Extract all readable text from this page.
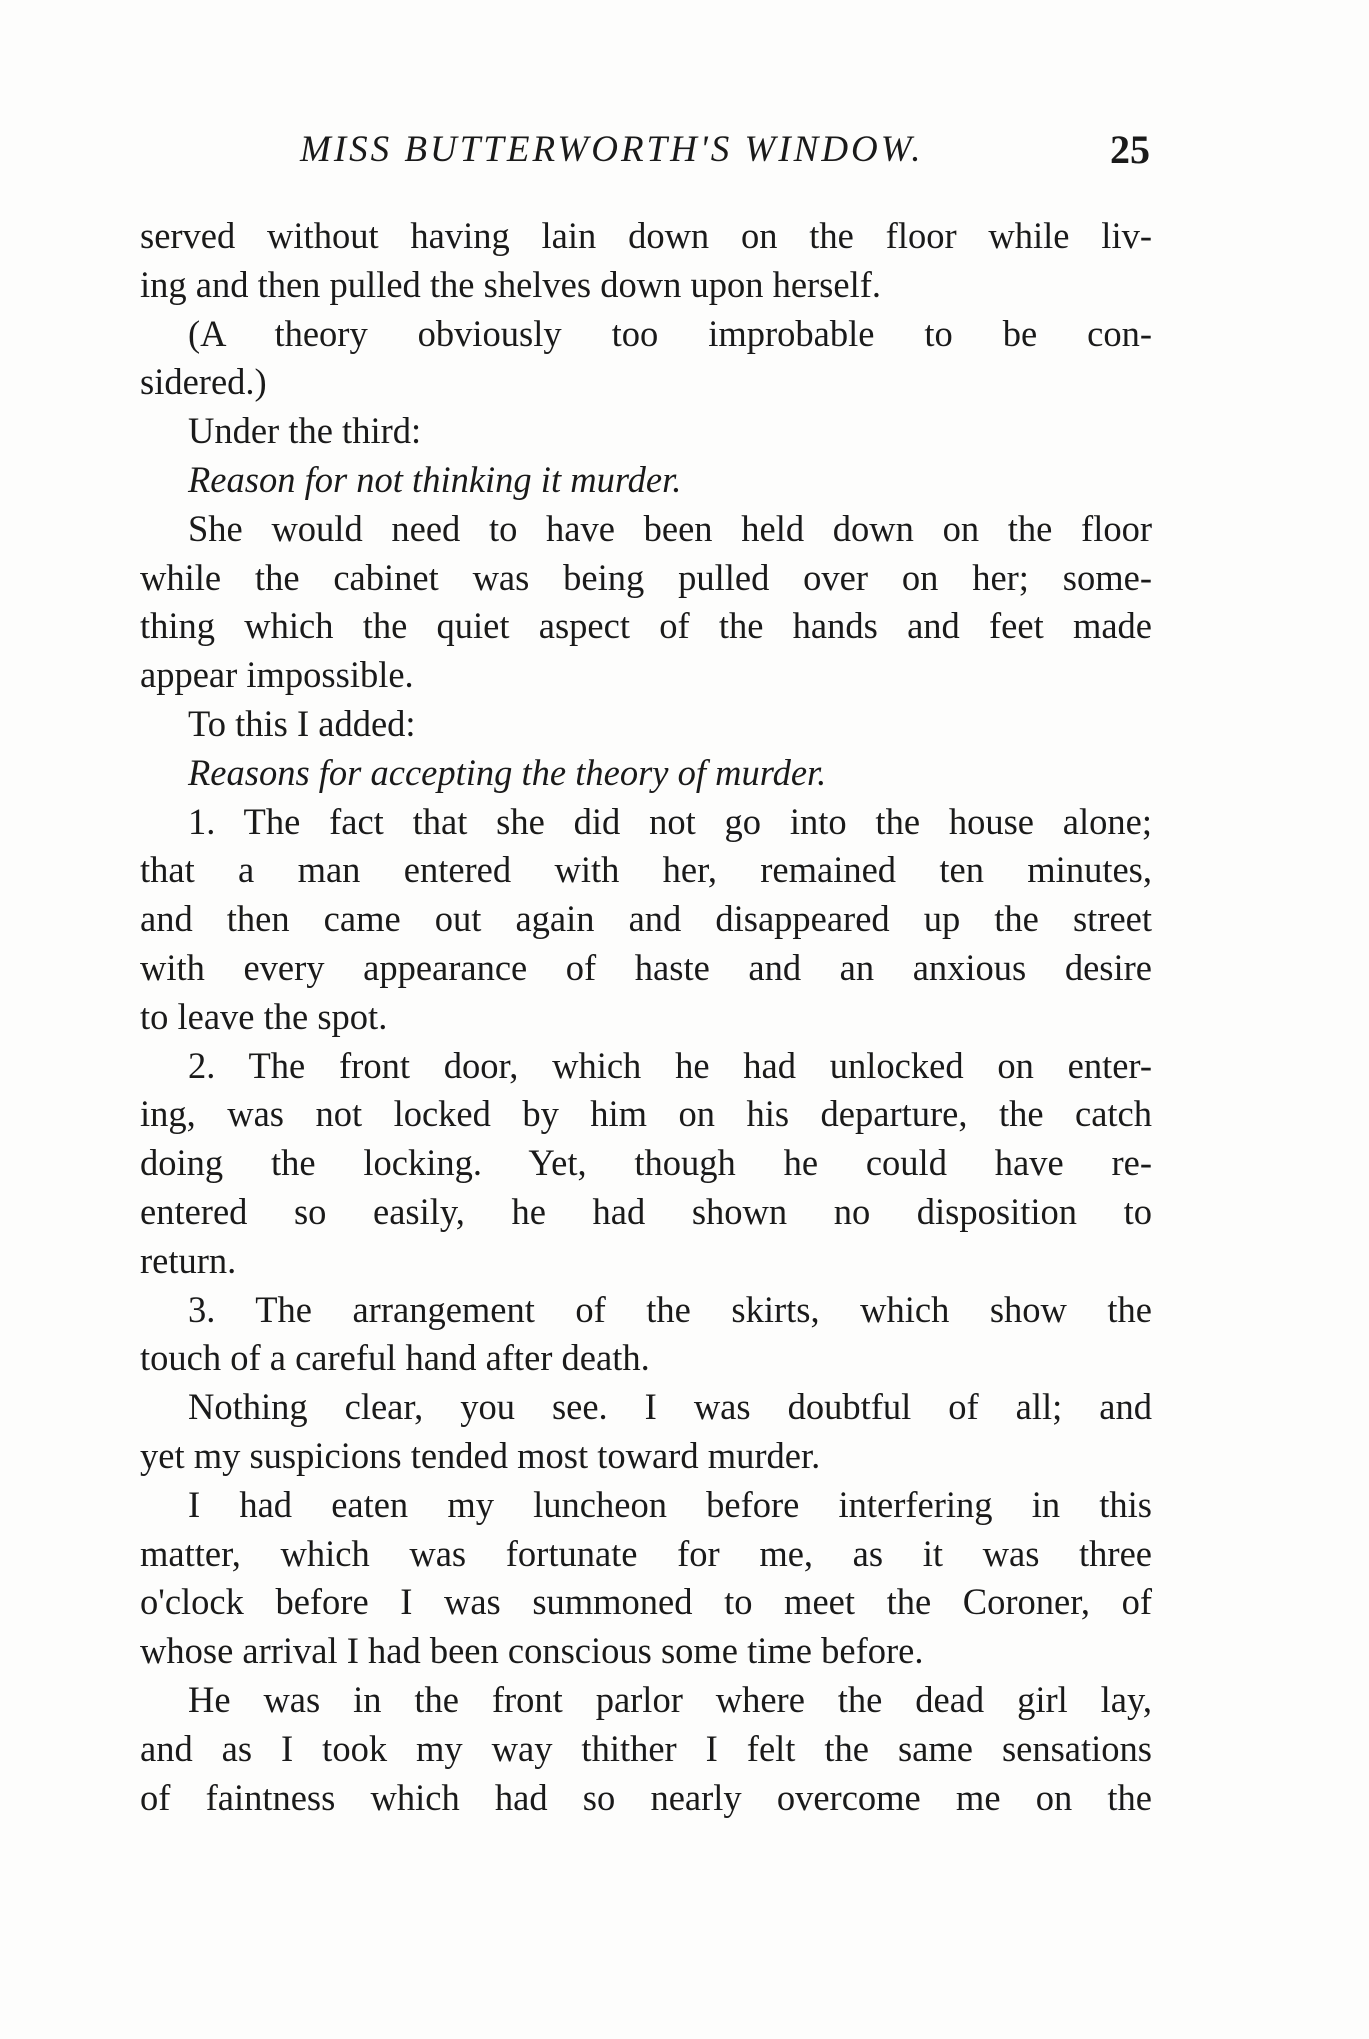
MISS BUTTERWORTH'S WINDOW.	25
served without having lain down on the floor while liv-
ing and then pulled the shelves down upon herself.
(A theory obviously too improbable to be con-
sidered.)
Under the third:
Reason for not thinking it murder.
She would need to have been held down on the floor
while the cabinet was being pulled over on her; some-
thing which the quiet aspect of the hands and feet made
appear impossible.
To this I added:
Reasons for accepting the theory of murder.
1. The fact that she did not go into the house alone;
that a man entered with her, remained ten minutes,
and then came out again and disappeared up the street
with every appearance of haste and an anxious desire
to leave the spot.
2. The front door, which he had unlocked on enter-
ing, was not locked by him on his departure, the catch
doing the locking. Yet, though he could have re-
entered so easily, he had shown no disposition to
return.
3. The arrangement of the skirts, which show the
touch of a careful hand after death.
Nothing clear, you see. I was doubtful of all; and
yet my suspicions tended most toward murder.
I had eaten my luncheon before interfering in this
matter, which was fortunate for me, as it was three
o'clock before I was summoned to meet the Coroner, of
whose arrival I had been conscious some time before.
He was in the front parlor where the dead girl lay,
and as I took my way thither I felt the same sensations
of faintness which had so nearly overcome me on the
